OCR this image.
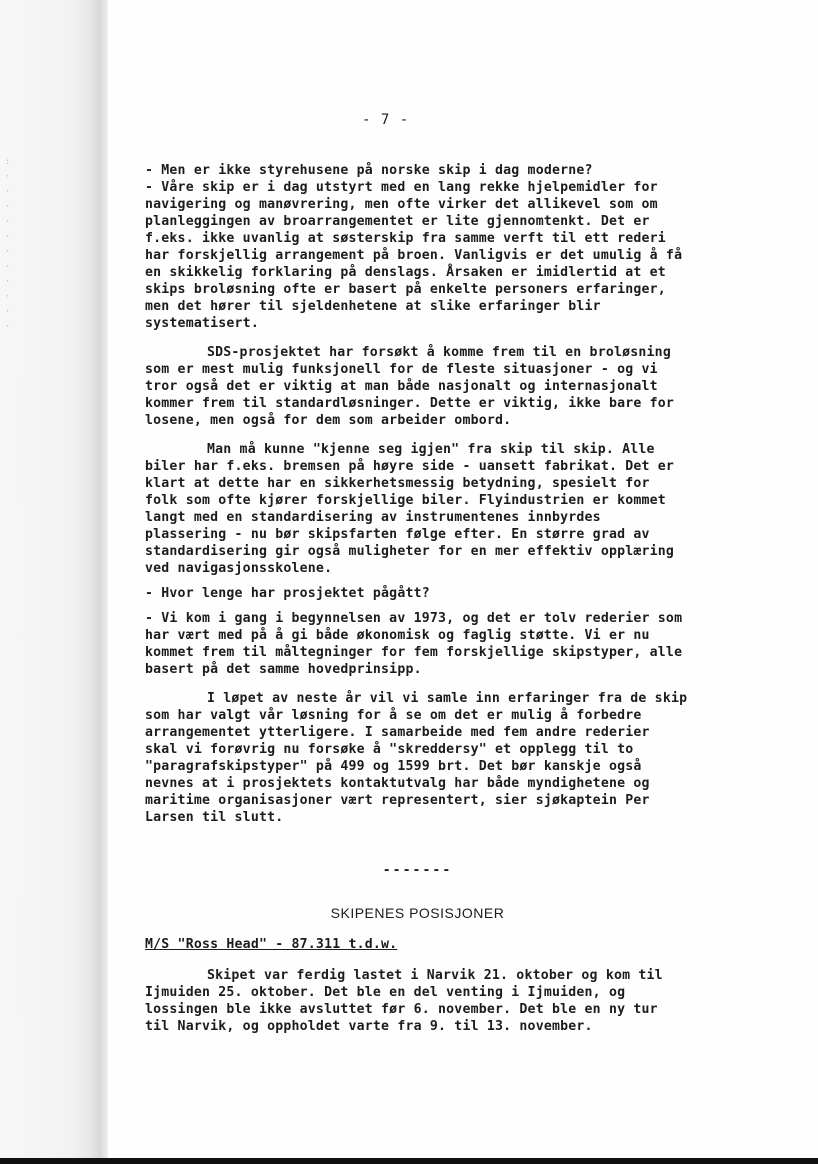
:
·
·
·
·
·
·
·
·
·
·
·
- 7 -

- Men er ikke styrehusene på norske skip i dag moderne?

- Våre skip er i dag utstyrt med en lang rekke hjelpemidler for navigering og manøvrering, men ofte virker det allikevel som om planleggingen av broarrangementet er lite gjennomtenkt. Det er f.eks. ikke uvanlig at søsterskip fra samme verft til ett rederi har forskjellig arrangement på broen. Vanligvis er det umulig å få en skikkelig forklaring på denslags. Årsaken er imidlertid at et skips broløsning ofte er basert på enkelte personers erfaringer, men det hører til sjeldenhetene at slike erfaringer blir systematisert.

SDS-prosjektet har forsøkt å komme frem til en broløsning som er mest mulig funksjonell for de fleste situasjoner - og vi tror også det er viktig at man både nasjonalt og internasjonalt kommer frem til standardløsninger. Dette er viktig, ikke bare for losene, men også for dem som arbeider ombord.

Man må kunne "kjenne seg igjen" fra skip til skip. Alle biler har f.eks. bremsen på høyre side - uansett fabrikat. Det er klart at dette har en sikkerhetsmessig betydning, spesielt for folk som ofte kjører forskjellige biler. Flyindustrien er kommet langt med en standardisering av instrumentenes innbyrdes plassering - nu bør skipsfarten følge efter. En større grad av standardisering gir også muligheter for en mer effektiv opplæring ved navigasjonsskolene.

- Hvor lenge har prosjektet pågått?

- Vi kom i gang i begynnelsen av 1973, og det er tolv rederier som har vært med på å gi både økonomisk og faglig støtte. Vi er nu kommet frem til måltegninger for fem forskjellige skipstyper, alle basert på det samme hovedprinsipp.

I løpet av neste år vil vi samle inn erfaringer fra de skip som har valgt vår løsning for å se om det er mulig å forbedre arrangementet ytterligere. I samarbeide med fem andre rederier skal vi forøvrig nu forsøke å "skreddersy" et opplegg til to "paragrafskipstyper" på 499 og 1599 brt. Det bør kanskje også nevnes at i prosjektets kontaktutvalg har både myndighetene og maritime organisasjoner vært representert, sier sjøkaptein Per Larsen til slutt.

-------

SKIPENES POSISJONER

M/S "Ross Head" - 87.311 t.d.w.

Skipet var ferdig lastet i Narvik 21. oktober og kom til Ijmuiden 25. oktober. Det ble en del venting i Ijmuiden, og lossingen ble ikke avsluttet før 6. november. Det ble en ny tur til Narvik, og oppholdet varte fra 9. til 13. november.
